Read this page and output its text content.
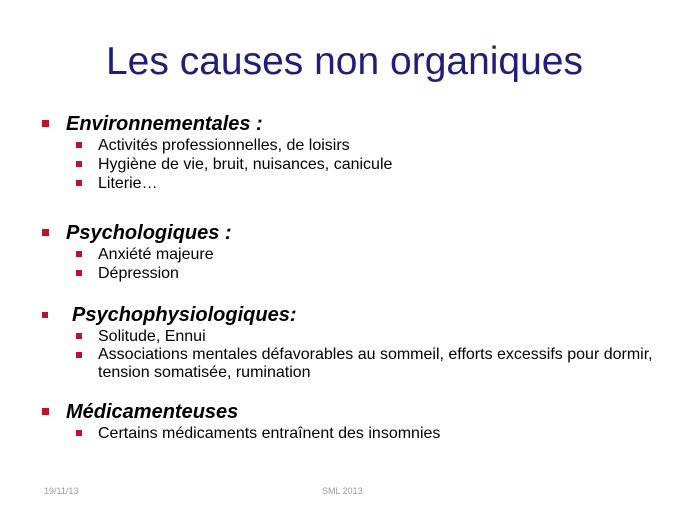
Les causes non organiques
Environnementales :
Activités professionnelles, de loisirs
Hygiène de vie, bruit, nuisances, canicule
Literie…
Psychologiques :
Anxiété majeure
Dépression
Psychophysiologiques:
Solitude, Ennui
Associations mentales défavorables au sommeil, efforts excessifs pour dormir, tension somatisée, rumination
Médicamenteuses
Certains médicaments entraînent des insomnies
19/11/13	SML 2013
